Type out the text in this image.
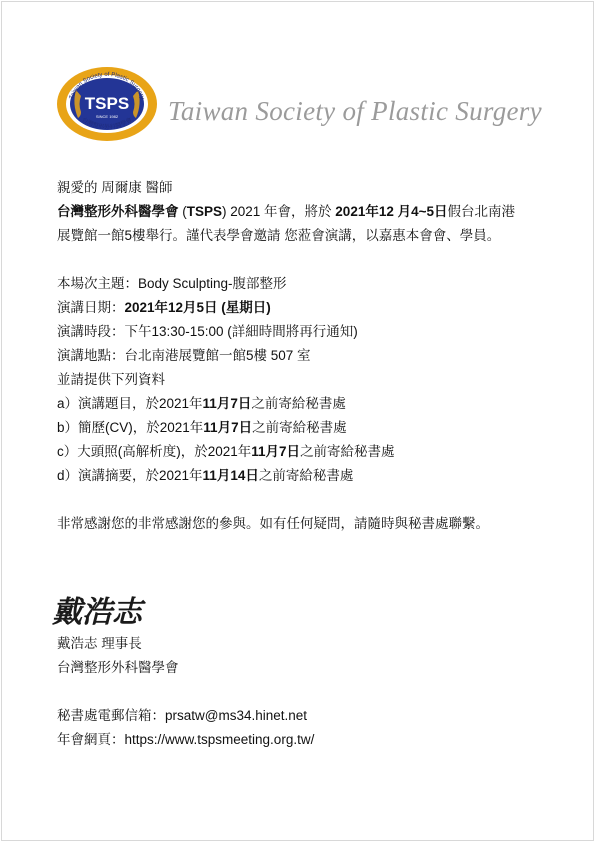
Taiwan Society of Plastic Surgery
TSPS
SINCE 1982
台灣整形外科醫學會 Taiwan Society of Plastic Surgery
親愛的 周爾康 醫師
台灣整形外科醫學會 (TSPS) 2021 年會，將於 2021年12 月4~5日假台北南港
展覽館一館5樓舉行。謹代表學會邀請 您蒞會演講，以嘉惠本會會、學員。
本場次主題：Body Sculpting-腹部整形
演講日期：2021年12月5日 (星期日)
演講時段：下午13:30-15:00 (詳細時間將再行通知)
演講地點：台北南港展覽館一館5樓 507 室
並請提供下列資料
a）演講題目，於2021年11月7日之前寄給秘書處
b）簡歷(CV)，於2021年11月7日之前寄給秘書處
c）大頭照(高解析度)，於2021年11月7日之前寄給秘書處
d）演講摘要，於2021年11月14日之前寄給秘書處
非常感謝您的非常感謝您的參與。如有任何疑問，請隨時與秘書處聯繫。
戴浩志
戴浩志 理事長
台灣整形外科醫學會
秘書處電郵信箱：prsatw@ms34.hinet.net
年會網頁：https://www.tspsmeeting.org.tw/
